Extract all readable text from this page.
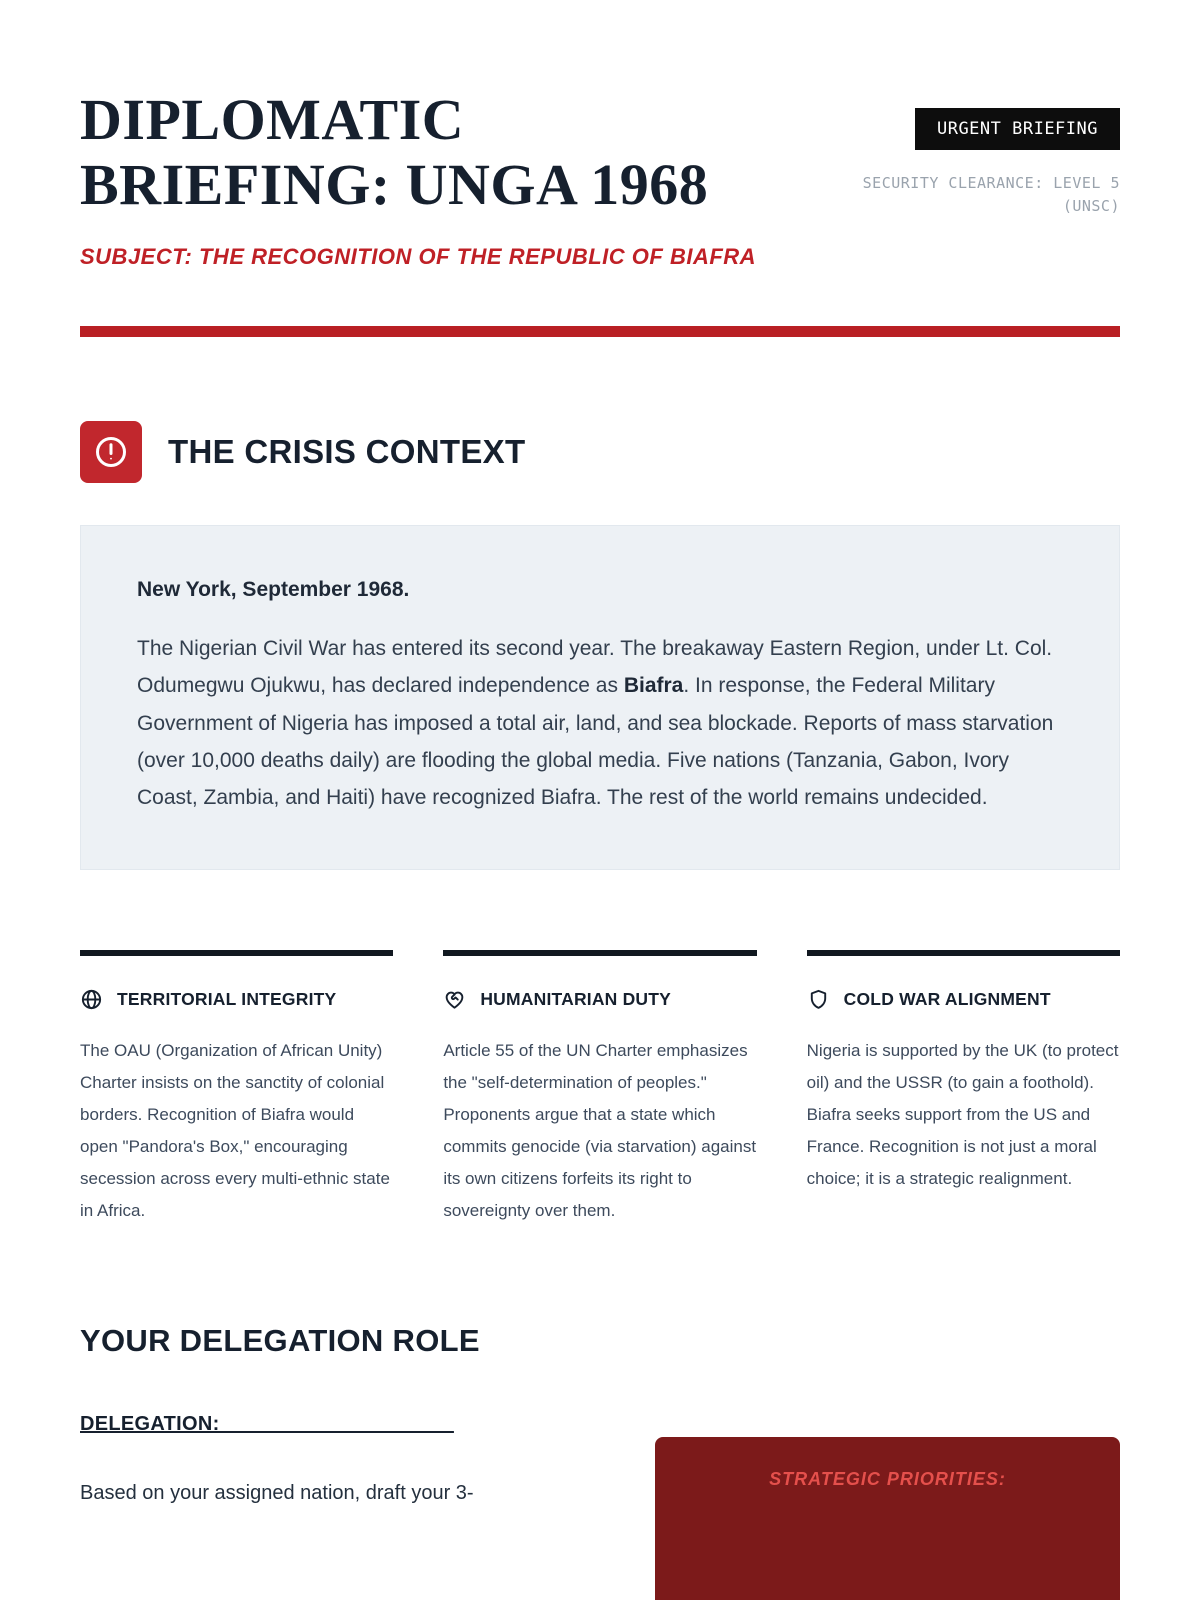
DIPLOMATIC BRIEFING: UNGA 1968
SUBJECT: THE RECOGNITION OF THE REPUBLIC OF BIAFRA
URGENT BRIEFING
SECURITY CLEARANCE: LEVEL 5
(UNSC)
THE CRISIS CONTEXT
New York, September 1968.

The Nigerian Civil War has entered its second year. The breakaway Eastern Region, under Lt. Col. Odumegwu Ojukwu, has declared independence as Biafra. In response, the Federal Military Government of Nigeria has imposed a total air, land, and sea blockade. Reports of mass starvation (over 10,000 deaths daily) are flooding the global media. Five nations (Tanzania, Gabon, Ivory Coast, Zambia, and Haiti) have recognized Biafra. The rest of the world remains undecided.

TERRITORIAL INTEGRITY

The OAU (Organization of African Unity) Charter insists on the sanctity of colonial borders. Recognition of Biafra would open "Pandora's Box," encouraging secession across every multi-ethnic state in Africa.

HUMANITARIAN DUTY

Article 55 of the UN Charter emphasizes the "self-determination of peoples." Proponents argue that a state which commits genocide (via starvation) against its own citizens forfeits its right to sovereignty over them.

COLD WAR ALIGNMENT

Nigeria is supported by the UK (to protect oil) and the USSR (to gain a foothold). Biafra seeks support from the US and France. Recognition is not just a moral choice; it is a strategic realignment.

YOUR DELEGATION ROLE
DELEGATION: ____________________

Based on your assigned nation, draft your 3-

STRATEGIC PRIORITIES:
